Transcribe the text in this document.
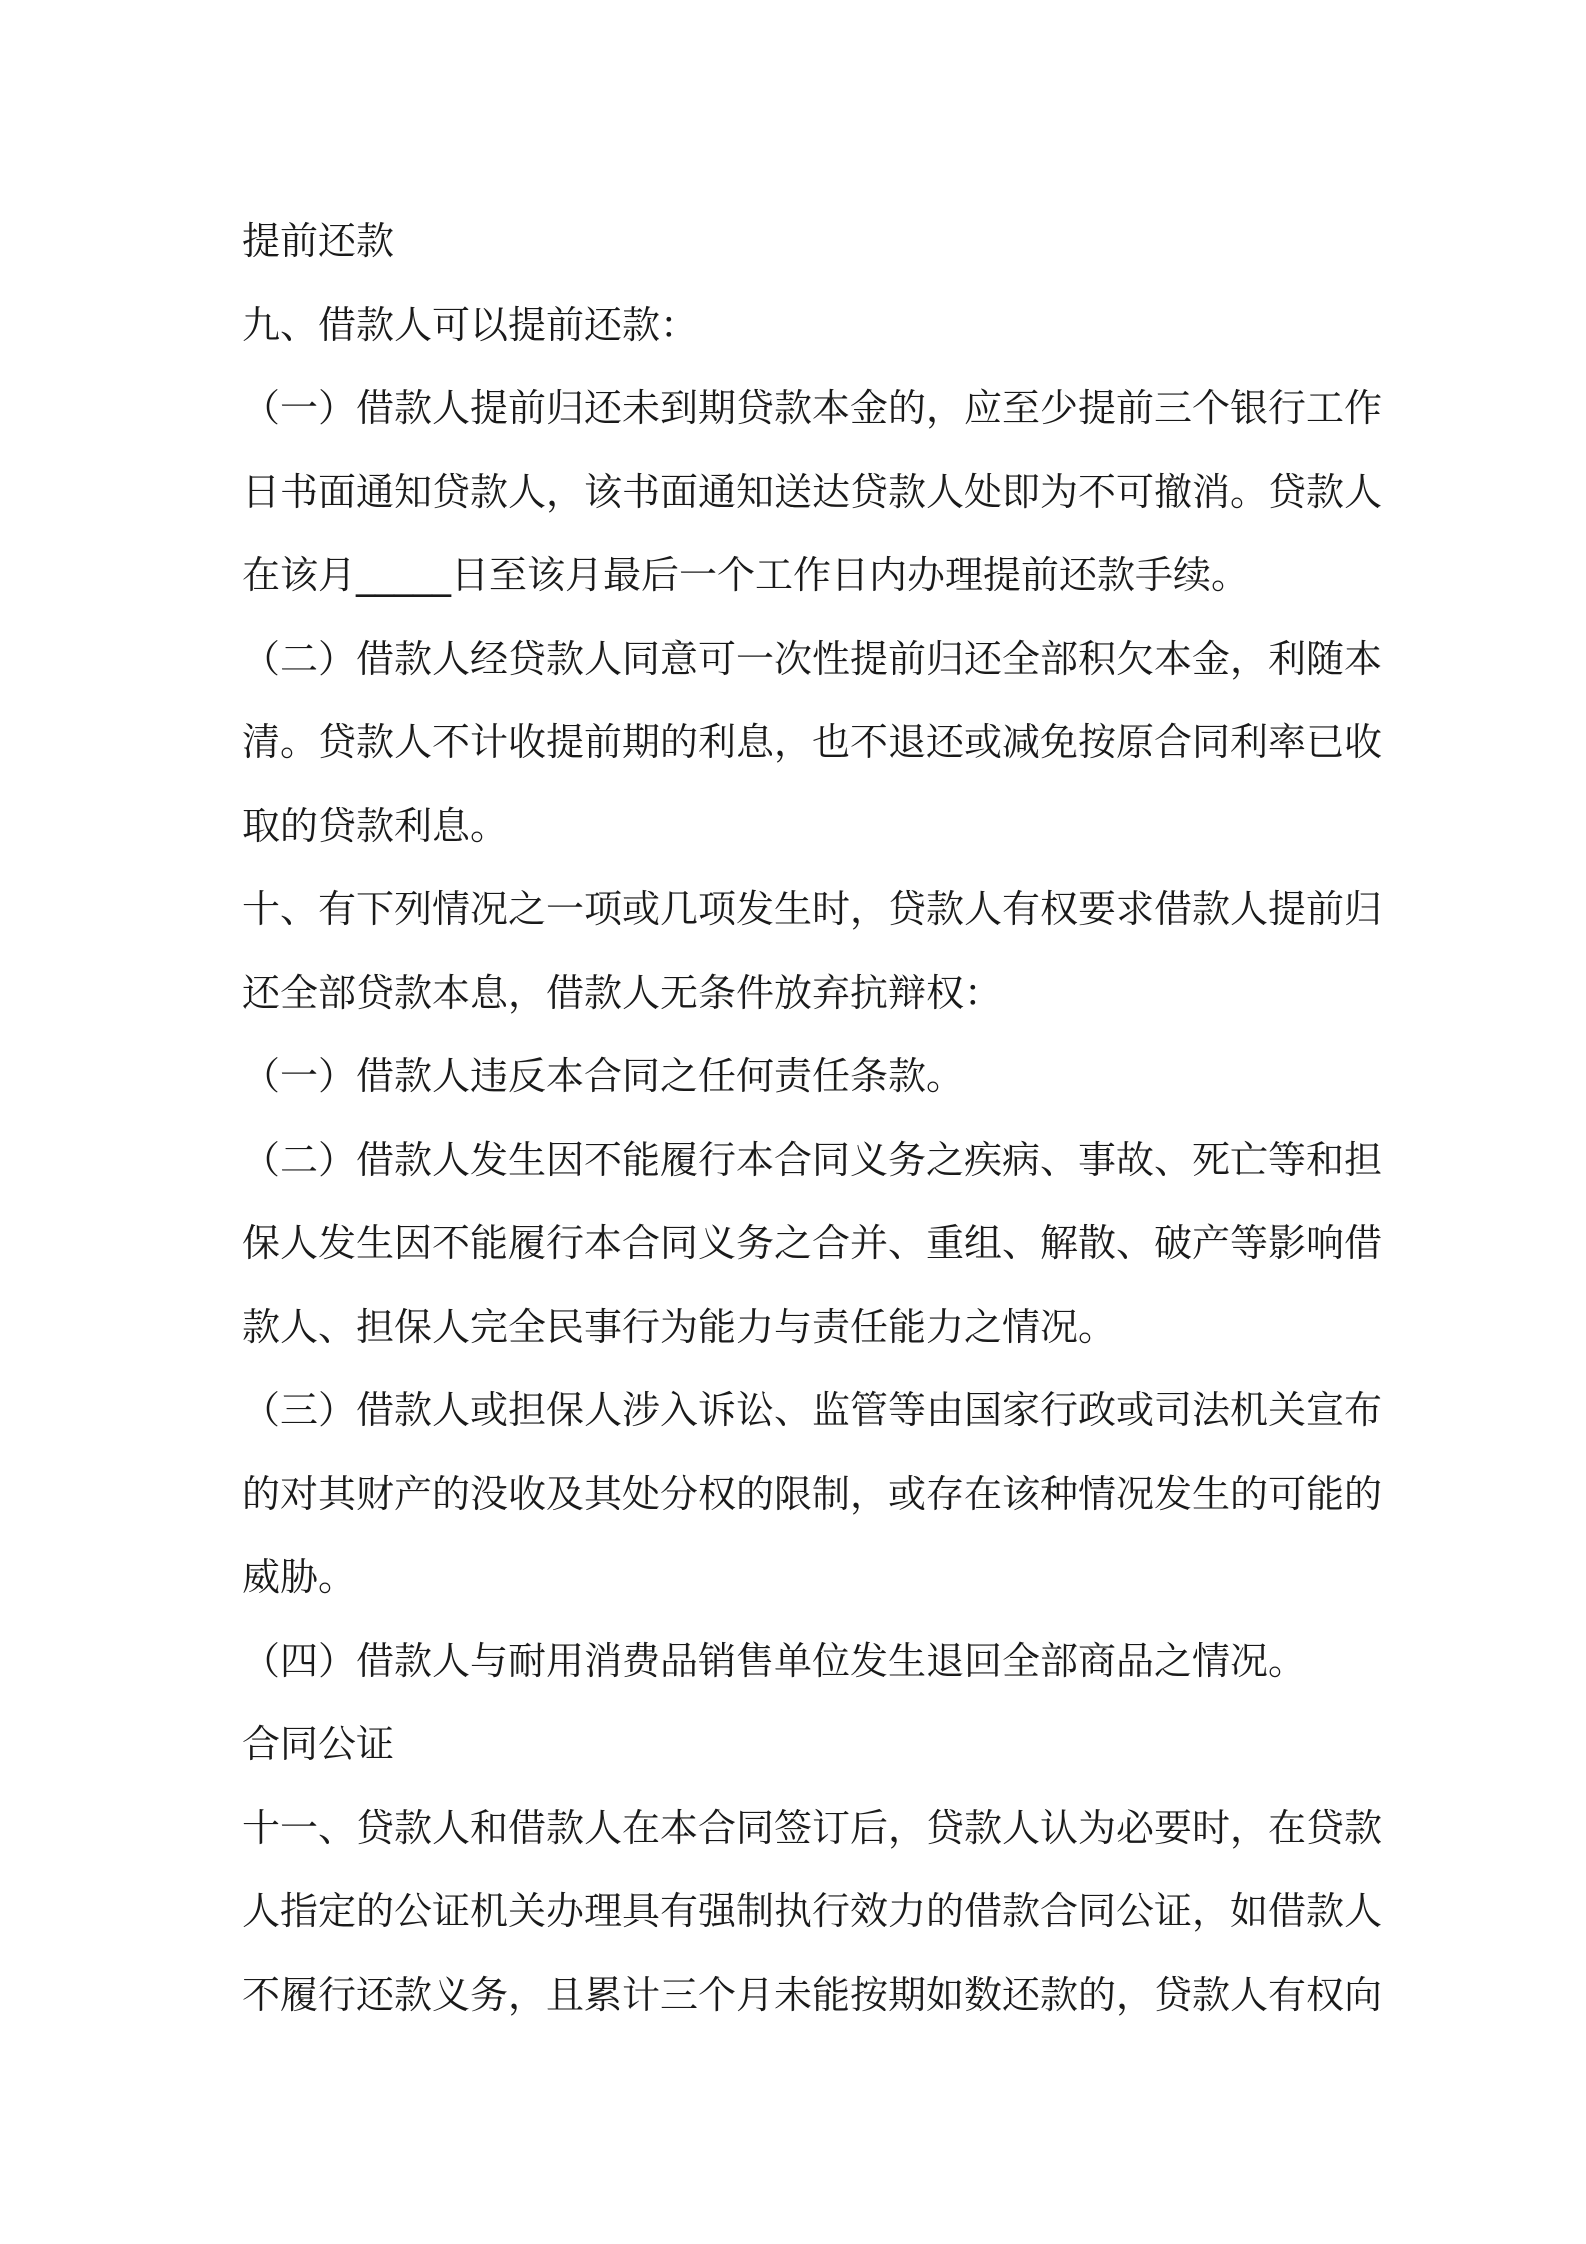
提前还款
九、借款人可以提前还款：
（一）借款人提前归还未到期贷款本金的，应至少提前三个银行工作
日书面通知贷款人，该书面通知送达贷款人处即为不可撤消。贷款人
在该月_____日至该月最后一个工作日内办理提前还款手续。
（二）借款人经贷款人同意可一次性提前归还全部积欠本金，利随本
清。贷款人不计收提前期的利息，也不退还或减免按原合同利率已收
取的贷款利息。
十、有下列情况之一项或几项发生时，贷款人有权要求借款人提前归
还全部贷款本息，借款人无条件放弃抗辩权：
（一）借款人违反本合同之任何责任条款。
（二）借款人发生因不能履行本合同义务之疾病、事故、死亡等和担
保人发生因不能履行本合同义务之合并、重组、解散、破产等影响借
款人、担保人完全民事行为能力与责任能力之情况。
（三）借款人或担保人涉入诉讼、监管等由国家行政或司法机关宣布
的对其财产的没收及其处分权的限制，或存在该种情况发生的可能的
威胁。
（四）借款人与耐用消费品销售单位发生退回全部商品之情况。
合同公证
十一、贷款人和借款人在本合同签订后，贷款人认为必要时，在贷款
人指定的公证机关办理具有强制执行效力的借款合同公证，如借款人
不履行还款义务，且累计三个月未能按期如数还款的，贷款人有权向
